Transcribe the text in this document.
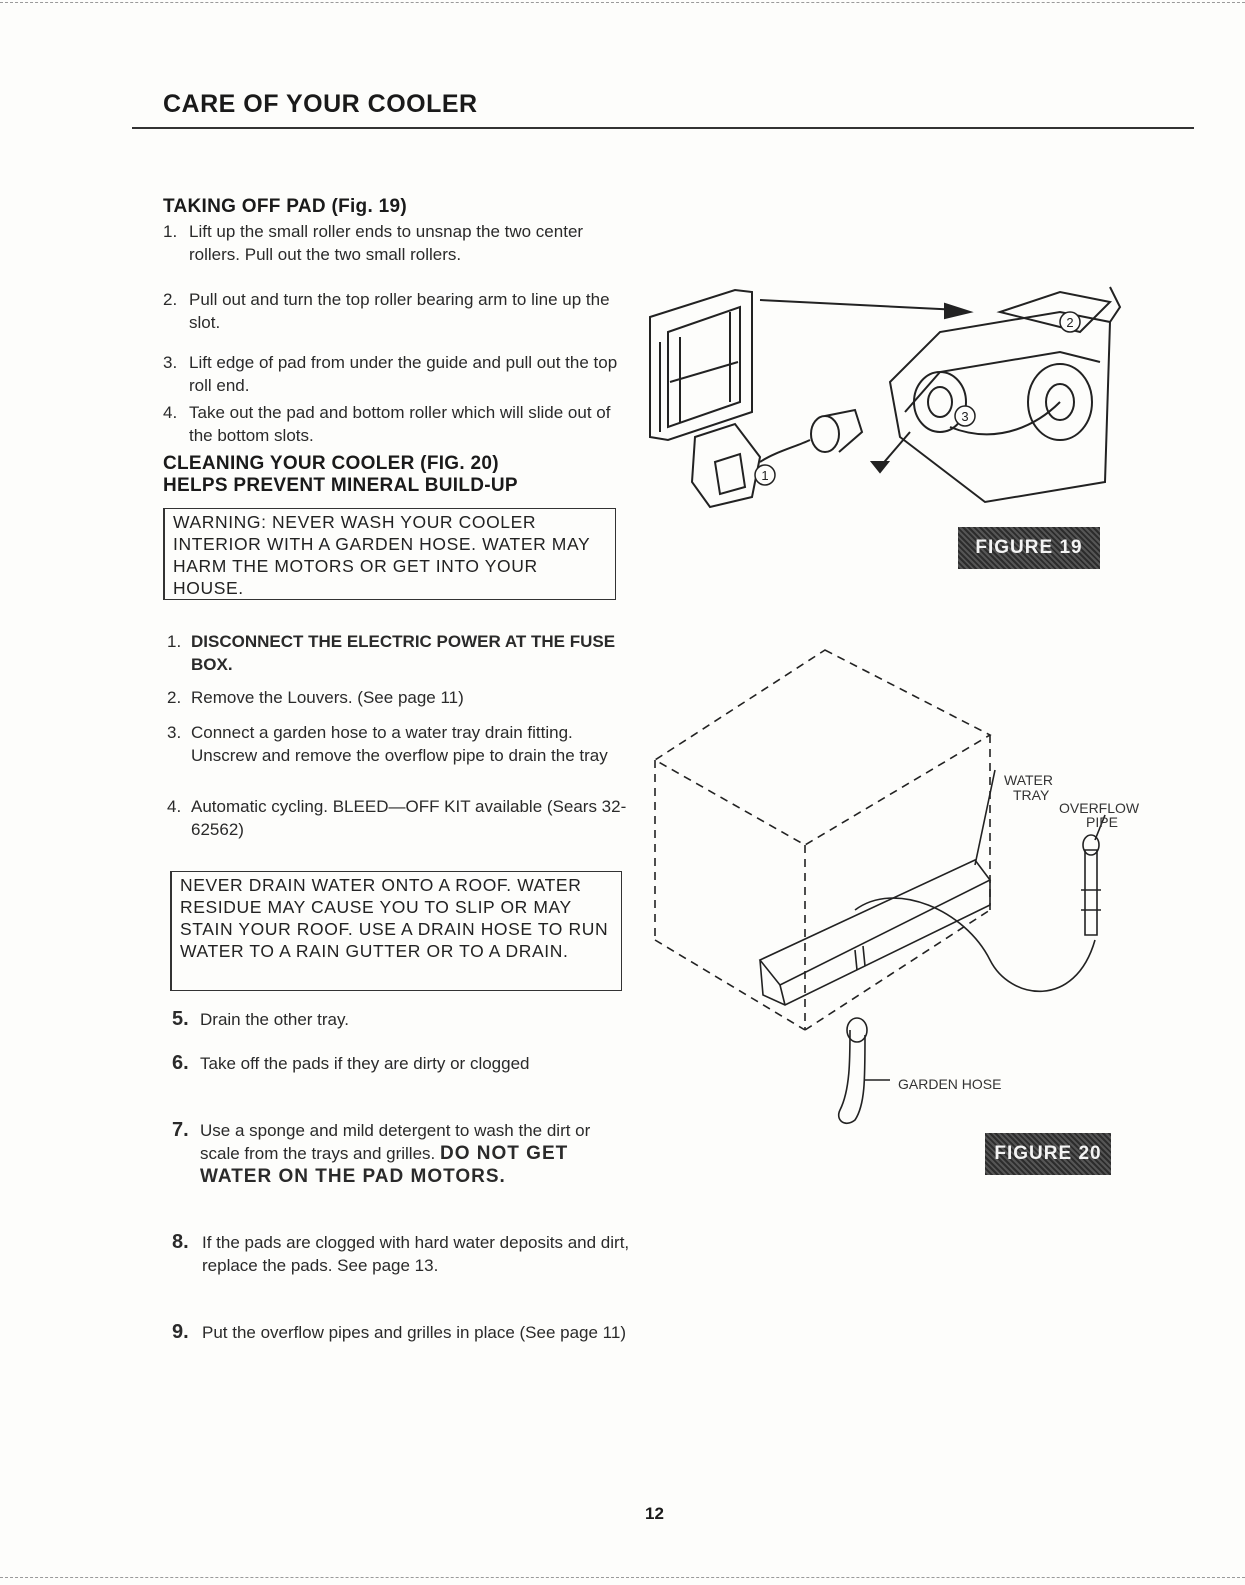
CARE OF YOUR COOLER
TAKING OFF PAD (Fig. 19)
1. Lift up the small roller ends to unsnap the two center rollers. Pull out the two small rollers.
2. Pull out and turn the top roller bearing arm to line up the slot.
3. Lift edge of pad from under the guide and pull out the top roll end.
4. Take out the pad and bottom roller which will slide out of the bottom slots.
CLEANING YOUR COOLER (FIG. 20)
HELPS PREVENT MINERAL BUILD-UP
WARNING: NEVER WASH YOUR COOLER INTERIOR WITH A GARDEN HOSE. WATER MAY HARM THE MOTORS OR GET INTO YOUR HOUSE.
1. DISCONNECT THE ELECTRIC POWER AT THE FUSE BOX.
2. Remove the Louvers. (See page 11)
3. Connect a garden hose to a water tray drain fitting. Unscrew and remove the overflow pipe to drain the tray
4. Automatic cycling. BLEED—OFF KIT available (Sears 32-62562)
NEVER DRAIN WATER ONTO A ROOF. WATER RESIDUE MAY CAUSE YOU TO SLIP OR MAY STAIN YOUR ROOF. USE A DRAIN HOSE TO RUN WATER TO A RAIN GUTTER OR TO A DRAIN.
5. Drain the other tray.
6. Take off the pads if they are dirty or clogged
7. Use a sponge and mild detergent to wash the dirt or scale from the trays and grilles. DO NOT GET WATER ON THE PAD MOTORS.
8. If the pads are clogged with hard water deposits and dirt, replace the pads. See page 13.
9. Put the overflow pipes and grilles in place (See page 11)
1
2
3
FIGURE 19
WATER
TRAY
OVERFLOW
PIPE
GARDEN HOSE
FIGURE 20
12
